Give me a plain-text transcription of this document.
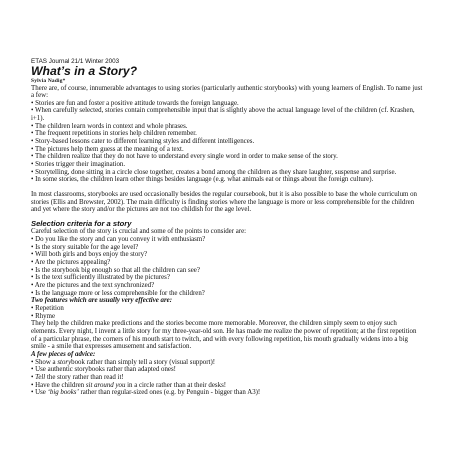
ETAS Journal 21/1 Winter 2003
What’s in a Story?
Sylvia Nadig*

There are, of course, innumerable advantages to using stories (particularly authentic storybooks) with young learners of English. To name just a few:

• Stories are fun and foster a positive attitude towards the foreign language.
• When carefully selected, stories contain comprehensible input that is slightly above the actual language level of the children (cf. Krashen, i+1).
• The children learn words in context and whole phrases.
• The frequent repetitions in stories help children remember.
• Story-based lessons cater to different learning styles and different intelligences.
• The pictures help them guess at the meaning of a text.
• The children realize that they do not have to understand every single word in order to make sense of the story.
• Stories trigger their imagination.
• Storytelling, done sitting in a circle close together, creates a bond among the children as they share laughter, suspense and surprise.
• In some stories, the children learn other things besides language (e.g. what animals eat or things about the foreign culture).

In most classrooms, storybooks are used occasionally besides the regular coursebook, but it is also possible to base the whole curriculum on stories (Ellis and Brewster, 2002). The main difficulty is finding stories where the language is more or less comprehensible for the children and yet where the story and/or the pictures are not too childish for the age level.

Selection criteria for a story
Careful selection of the story is crucial and some of the points to consider are:
• Do you like the story and can you convey it with enthusiasm?
• Is the story suitable for the age level?
• Will both girls and boys enjoy the story?
• Are the pictures appealing?
• Is the storybook big enough so that all the children can see?
• Is the text sufficiently illustrated by the pictures?
• Are the pictures and the text synchronized?
• Is the language more or less comprehensible for the children?
Two features which are usually very effective are:
• Repetition
• Rhyme

They help the children make predictions and the stories become more memorable. Moreover, the children simply seem to enjoy such elements. Every night, I invent a little story for my three-year-old son. He has made me realize the power of repetition; at the first repetition of a particular phrase, the corners of his mouth start to twitch, and with every following repetition, his mouth gradually widens into a big smile - a smile that expresses amusement and satisfaction.

A few pieces of advice:
• Show a storybook rather than simply tell a story (visual support)!
• Use authentic storybooks rather than adapted ones!
• Tell the story rather than read it!
• Have the children sit around you in a circle rather than at their desks!
• Use ‘big books’ rather than regular-sized ones (e.g. by Penguin - bigger than A3)!
